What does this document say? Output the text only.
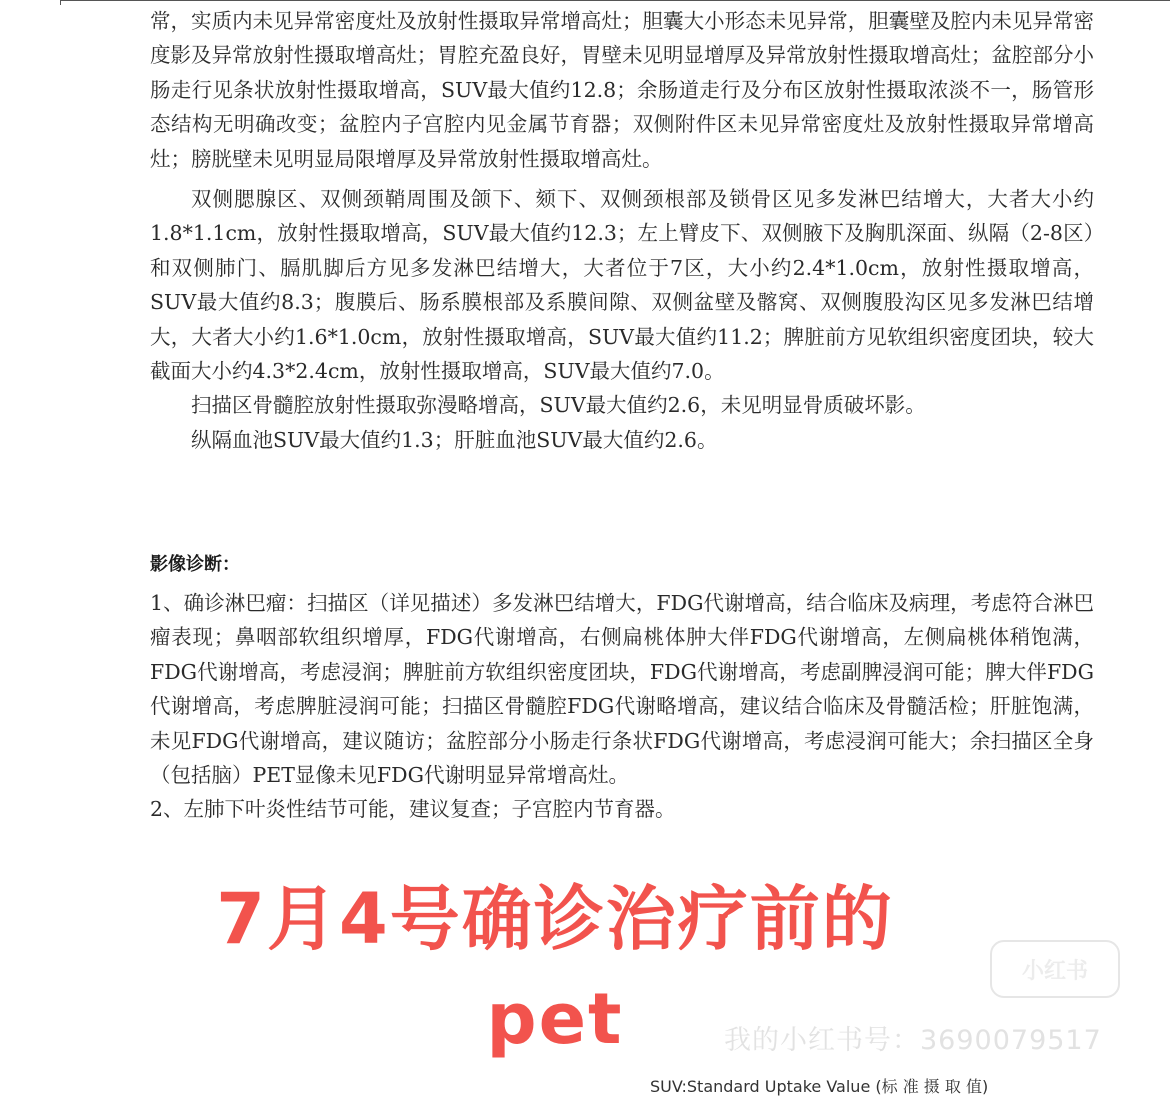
常，实质内未见异常密度灶及放射性摄取异常增高灶；胆囊大小形态未见异常，胆囊壁及腔内未见异常密度影及异常放射性摄取增高灶；胃腔充盈良好，胃壁未见明显增厚及异常放射性摄取增高灶；盆腔部分小肠走行见条状放射性摄取增高，SUV最大值约12.8；余肠道走行及分布区放射性摄取浓淡不一，肠管形态结构无明确改变；盆腔内子宫腔内见金属节育器；双侧附件区未见异常密度灶及放射性摄取异常增高灶；膀胱壁未见明显局限增厚及异常放射性摄取增高灶。

双侧腮腺区、双侧颈鞘周围及颌下、颏下、双侧颈根部及锁骨区见多发淋巴结增大，大者大小约1.8*1.1cm，放射性摄取增高，SUV最大值约12.3；左上臂皮下、双侧腋下及胸肌深面、纵隔（2-8区）和双侧肺门、膈肌脚后方见多发淋巴结增大，大者位于7区，大小约2.4*1.0cm，放射性摄取增高，SUV最大值约8.3；腹膜后、肠系膜根部及系膜间隙、双侧盆壁及髂窝、双侧腹股沟区见多发淋巴结增大，大者大小约1.6*1.0cm，放射性摄取增高，SUV最大值约11.2；脾脏前方见软组织密度团块，较大截面大小约4.3*2.4cm，放射性摄取增高，SUV最大值约7.0。

扫描区骨髓腔放射性摄取弥漫略增高，SUV最大值约2.6，未见明显骨质破坏影。

纵隔血池SUV最大值约1.3；肝脏血池SUV最大值约2.6。

影像诊断：

1、确诊淋巴瘤：扫描区（详见描述）多发淋巴结增大，FDG代谢增高，结合临床及病理，考虑符合淋巴瘤表现；鼻咽部软组织增厚，FDG代谢增高，右侧扁桃体肿大伴FDG代谢增高，左侧扁桃体稍饱满，FDG代谢增高，考虑浸润；脾脏前方软组织密度团块，FDG代谢增高，考虑副脾浸润可能；脾大伴FDG代谢增高，考虑脾脏浸润可能；扫描区骨髓腔FDG代谢略增高，建议结合临床及骨髓活检；肝脏饱满，未见FDG代谢增高，建议随访；盆腔部分小肠走行条状FDG代谢增高，考虑浸润可能大；余扫描区全身（包括脑）PET显像未见FDG代谢明显异常增高灶。

2、左肺下叶炎性结节可能，建议复查；子宫腔内节育器。

7月4号确诊治疗前的
pet
小红书
我的小红书号：3690079517
SUV:Standard Uptake Value (标 准 摄 取 值)
